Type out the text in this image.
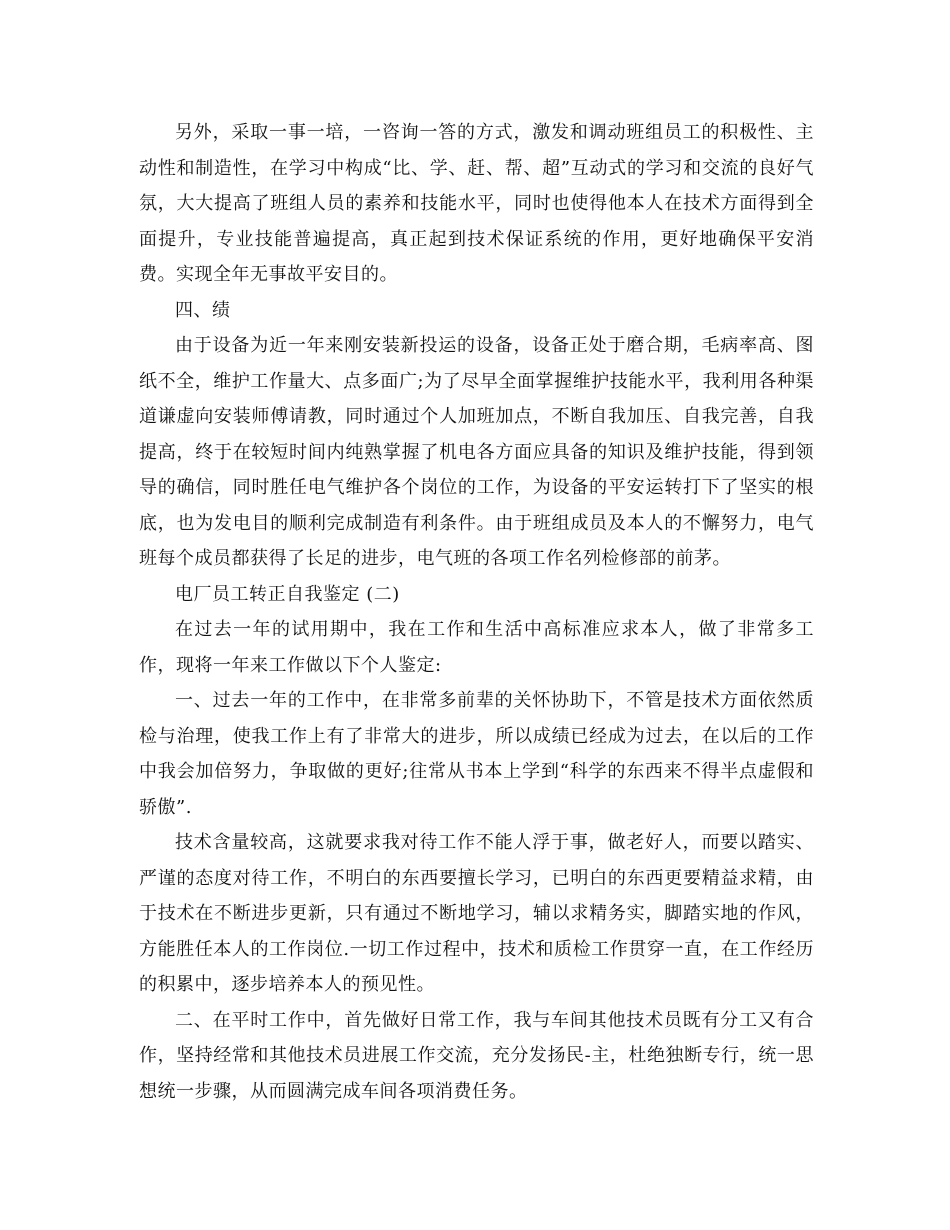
另外，采取一事一培，一咨询一答的方式，激发和调动班组员工的积极性、主动性和制造性，在学习中构成“比、学、赶、帮、超”互动式的学习和交流的良好气氛，大大提高了班组人员的素养和技能水平，同时也使得他本人在技术方面得到全面提升，专业技能普遍提高，真正起到技术保证系统的作用，更好地确保平安消费。实现全年无事故平安目的。

四、绩

由于设备为近一年来刚安装新投运的设备，设备正处于磨合期，毛病率高、图纸不全，维护工作量大、点多面广;为了尽早全面掌握维护技能水平，我利用各种渠道谦虚向安装师傅请教，同时通过个人加班加点，不断自我加压、自我完善，自我提高，终于在较短时间内纯熟掌握了机电各方面应具备的知识及维护技能，得到领导的确信，同时胜任电气维护各个岗位的工作，为设备的平安运转打下了坚实的根底，也为发电目的顺利完成制造有利条件。由于班组成员及本人的不懈努力，电气班每个成员都获得了长足的进步，电气班的各项工作名列检修部的前茅。

电厂员工转正自我鉴定 (二)

在过去一年的试用期中，我在工作和生活中高标准应求本人，做了非常多工作，现将一年来工作做以下个人鉴定:

一、过去一年的工作中，在非常多前辈的关怀协助下，不管是技术方面依然质检与治理，使我工作上有了非常大的进步，所以成绩已经成为过去，在以后的工作中我会加倍努力，争取做的更好;往常从书本上学到“科学的东西来不得半点虚假和骄傲”.

技术含量较高，这就要求我对待工作不能人浮于事，做老好人，而要以踏实、严谨的态度对待工作，不明白的东西要擅长学习，已明白的东西更要精益求精，由于技术在不断进步更新，只有通过不断地学习，辅以求精务实，脚踏实地的作风，方能胜任本人的工作岗位.一切工作过程中，技术和质检工作贯穿一直，在工作经历的积累中，逐步培养本人的预见性。

二、在平时工作中，首先做好日常工作，我与车间其他技术员既有分工又有合作，坚持经常和其他技术员进展工作交流，充分发扬民-主，杜绝独断专行，统一思想统一步骤，从而圆满完成车间各项消费任务。
